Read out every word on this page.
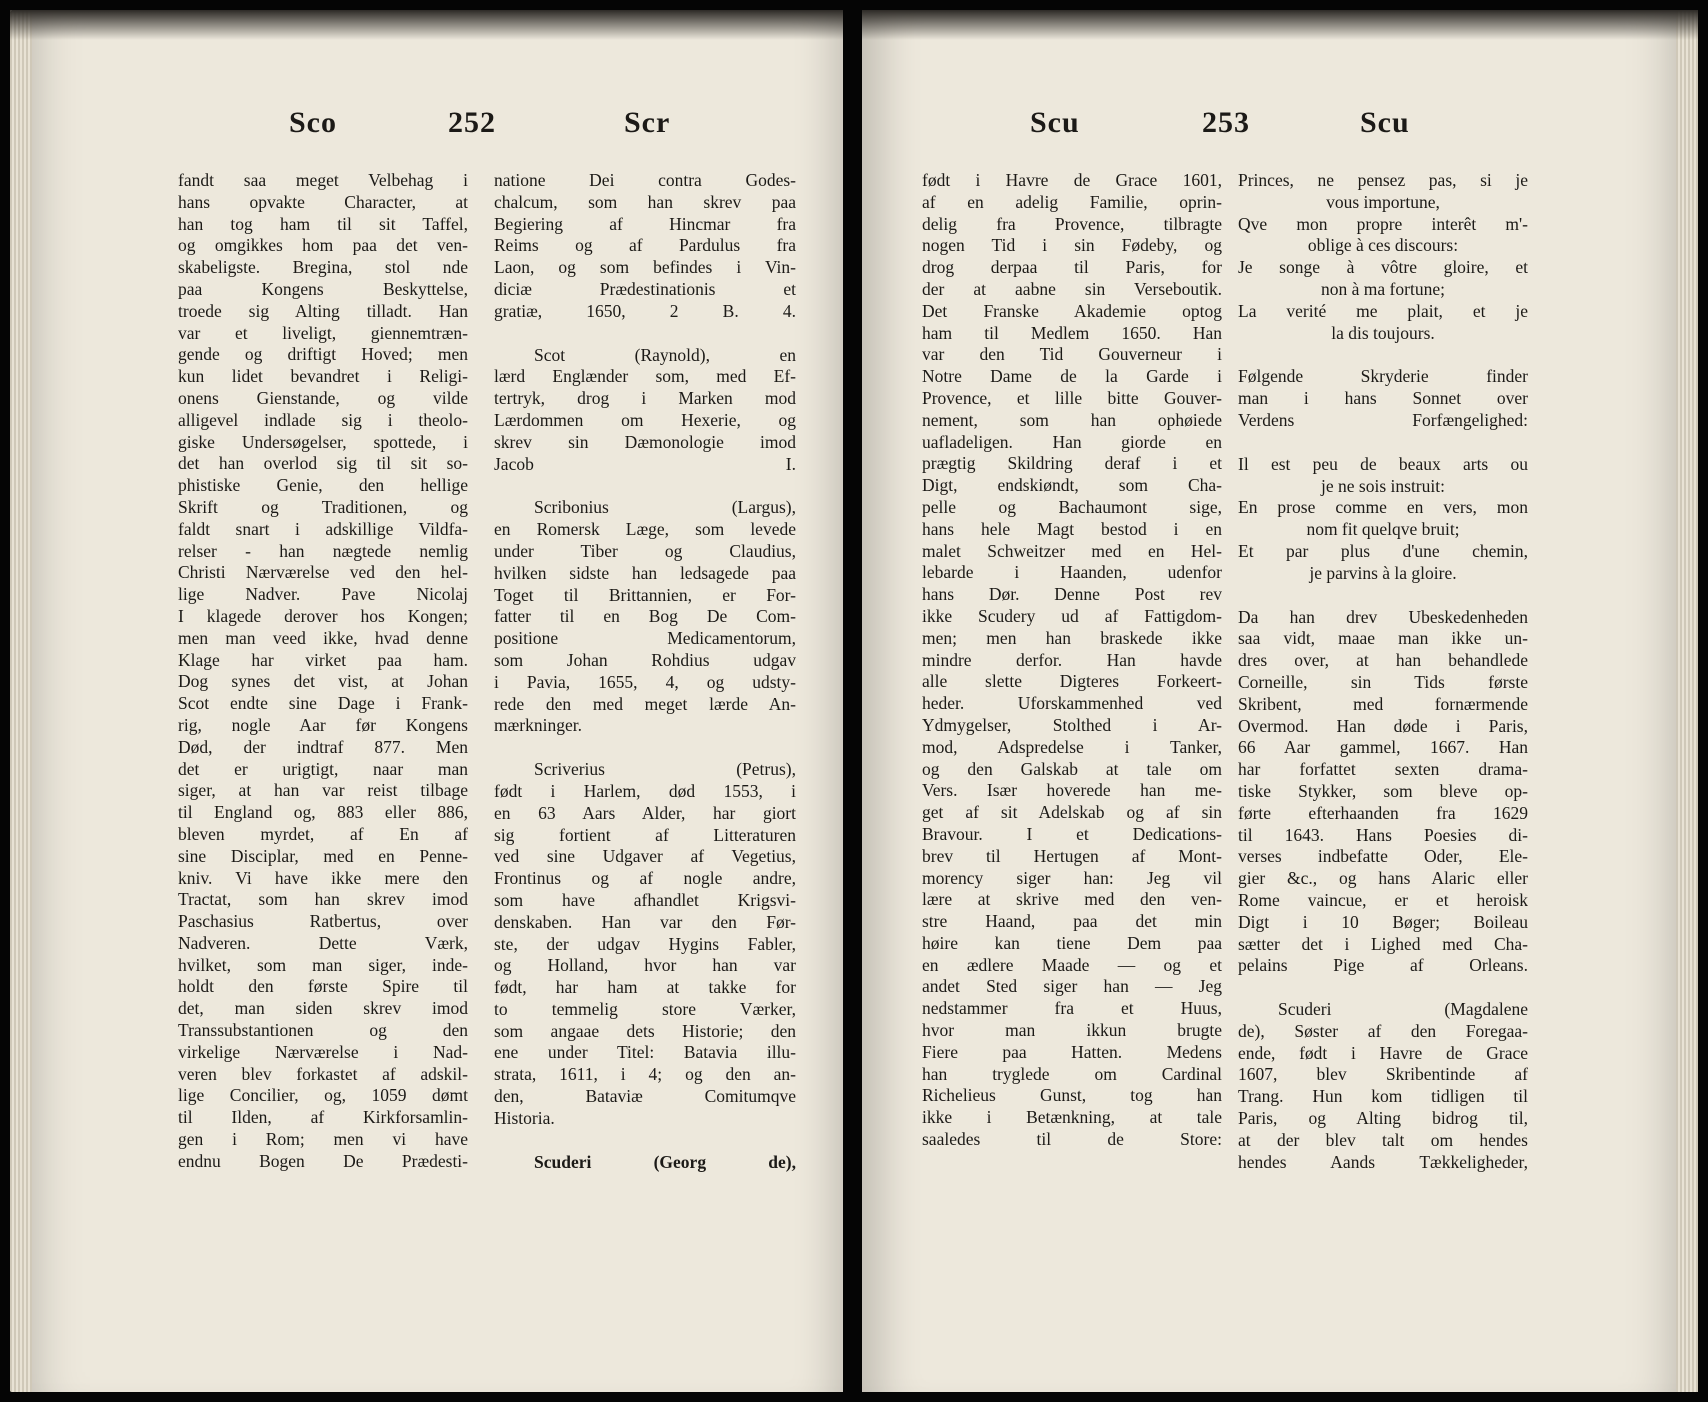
Sco	252	Scr

fandt saa meget Velbehag i
hans opvakte Character, at
han tog ham til sit Taffel,
og omgikkes hom paa det ven-
skabeligste. Bregina, stol nde
paa Kongens Beskyttelse,
troede sig Alting tilladt. Han
var et liveligt, giennemtræn-
gende og driftigt Hoved; men
kun lidet bevandret i Religi-
onens Gienstande, og vilde
alligevel indlade sig i theolo-
giske Undersøgelser, spottede, i
det han overlod sig til sit so-
phistiske Genie, den hellige
Skrift og Traditionen, og
faldt snart i adskillige Vildfa-
relser - han nægtede nemlig
Christi Nærværelse ved den hel-
lige Nadver. Pave Nicolaj
I klagede derover hos Kongen;
men man veed ikke, hvad denne
Klage har virket paa ham.
Dog synes det vist, at Johan
Scot endte sine Dage i Frank-
rig, nogle Aar før Kongens
Død, der indtraf 877. Men
det er urigtigt, naar man
siger, at han var reist tilbage
til England og, 883 eller 886,
bleven myrdet, af En af
sine Disciplar, med en Penne-
kniv. Vi have ikke mere den
Tractat, som han skrev imod
Paschasius Ratbertus, over
Nadveren. Dette Værk,
hvilket, som man siger, inde-
holdt den første Spire til
det, man siden skrev imod
Transsubstantionen og den
virkelige Nærværelse i Nad-
veren blev forkastet af adskil-
lige Concilier, og, 1059 dømt
til Ilden, af Kirkforsamlin-
gen i Rom; men vi have
endnu Bogen De Prædesti-

natione Dei contra Godes-
chalcum, som han skrev paa
Begiering af Hincmar fra
Reims og af Pardulus fra
Laon, og som befindes i Vin-
diciæ Prædestinationis et
gratiæ, 1650, 2 B. 4.

Scot (Raynold), en
lærd Englænder som, med Ef-
tertryk, drog i Marken mod
Lærdommen om Hexerie, og
skrev sin Dæmonologie imod
Jacob I.

Scribonius (Largus),
en Romersk Læge, som levede
under Tiber og Claudius,
hvilken sidste han ledsagede paa
Toget til Brittannien, er For-
fatter til en Bog De Com-
positione Medicamentorum,
som Johan Rohdius udgav
i Pavia, 1655, 4, og udsty-
rede den med meget lærde An-
mærkninger.

Scriverius (Petrus),
født i Harlem, død 1553, i
en 63 Aars Alder, har giort
sig fortient af Litteraturen
ved sine Udgaver af Vegetius,
Frontinus og af nogle andre,
som have afhandlet Krigsvi-
denskaben. Han var den Før-
ste, der udgav Hygins Fabler,
og Holland, hvor han var
født, har ham at takke for
to temmelig store Værker,
som angaae dets Historie; den
ene under Titel: Batavia illu-
strata, 1611, i 4; og den an-
den, Bataviæ Comitumqve
Historia.

Scuderi (Georg de),

Scu	253	Scu

født i Havre de Grace 1601,
af en adelig Familie, oprin-
delig fra Provence, tilbragte
nogen Tid i sin Fødeby, og
drog derpaa til Paris, for
der at aabne sin Verseboutik.
Det Franske Akademie optog
ham til Medlem 1650. Han
var den Tid Gouverneur i
Notre Dame de la Garde i
Provence, et lille bitte Gouver-
nement, som han ophøiede
uafladeligen. Han giorde en
prægtig Skildring deraf i et
Digt, endskiøndt, som Cha-
pelle og Bachaumont sige,
hans hele Magt bestod i en
malet Schweitzer med en Hel-
lebarde i Haanden, udenfor
hans Dør. Denne Post rev
ikke Scudery ud af Fattigdom-
men; men han braskede ikke
mindre derfor. Han havde
alle slette Digteres Forkeert-
heder. Uforskammenhed ved
Ydmygelser, Stolthed i Ar-
mod, Adspredelse i Tanker,
og den Galskab at tale om
Vers. Især hoverede han me-
get af sit Adelskab og af sin
Bravour. I et Dedications-
brev til Hertugen af Mont-
morency siger han: Jeg vil
lære at skrive med den ven-
stre Haand, paa det min
høire kan tiene Dem paa
en ædlere Maade — og et
andet Sted siger han — Jeg
nedstammer fra et Huus,
hvor man ikkun brugte
Fiere paa Hatten. Medens
han tryglede om Cardinal
Richelieus Gunst, tog han
ikke i Betænkning, at tale
saaledes til de Store:

Princes, ne pensez pas, si je
vous importune,
Qve mon propre interêt m'-
oblige à ces discours:
Je songe à vôtre gloire, et
non à ma fortune;
La verité me plait, et je
la dis toujours.

Følgende Skryderie finder
man i hans Sonnet over
Verdens Forfængelighed:

Il est peu de beaux arts ou
je ne sois instruit:
En prose comme en vers, mon
nom fit quelqve bruit;
Et par plus d'une chemin,
je parvins à la gloire.

Da han drev Ubeskedenheden
saa vidt, maae man ikke un-
dres over, at han behandlede
Corneille, sin Tids første
Skribent, med fornærmende
Overmod. Han døde i Paris,
66 Aar gammel, 1667. Han
har forfattet sexten drama-
tiske Stykker, som bleve op-
førte efterhaanden fra 1629
til 1643. Hans Poesies di-
verses indbefatte Oder, Ele-
gier &c., og hans Alaric eller
Rome vaincue, er et heroisk
Digt i 10 Bøger; Boileau
sætter det i Lighed med Cha-
pelains Pige af Orleans.

Scuderi (Magdalene
de), Søster af den Foregaa-
ende, født i Havre de Grace
1607, blev Skribentinde af
Trang. Hun kom tidligen til
Paris, og Alting bidrog til,
at der blev talt om hendes
hendes Aands Tækkeligheder,
